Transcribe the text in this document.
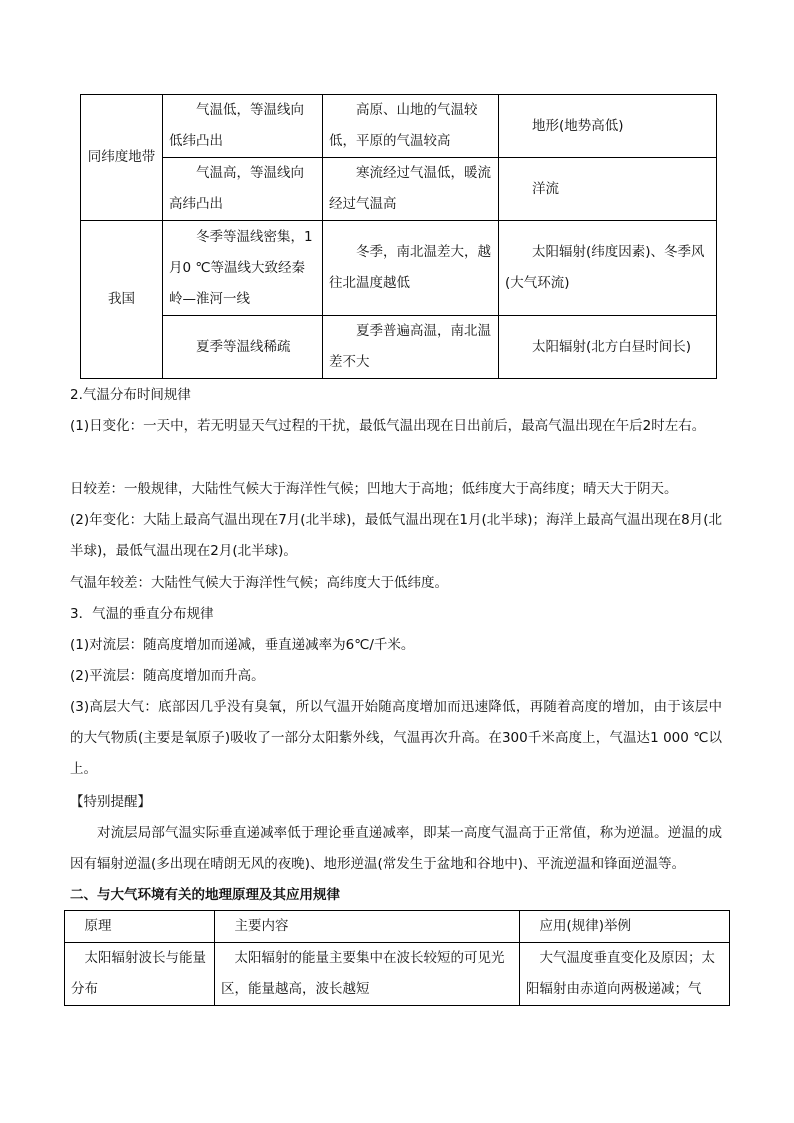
同纬度地带	气温低，等温线向低纬凸出	高原、山地的气温较低，平原的气温较高	地形(地势高低)
	气温高，等温线向高纬凸出	寒流经过气温低，暖流经过气温高	洋流
我国	冬季等温线密集，1月0 ℃等温线大致经秦岭—淮河一线	冬季，南北温差大，越往北温度越低	太阳辐射(纬度因素)、冬季风(大气环流)
	夏季等温线稀疏	夏季普遍高温，南北温差不大	太阳辐射(北方白昼时间长)

2.气温分布时间规律

(1)日变化：一天中，若无明显天气过程的干扰，最低气温出现在日出前后，最高气温出现在午后2时左右。

日较差：一般规律，大陆性气候大于海洋性气候；凹地大于高地；低纬度大于高纬度；晴天大于阴天。

(2)年变化：大陆上最高气温出现在7月(北半球)，最低气温出现在1月(北半球)；海洋上最高气温出现在8月(北半球)，最低气温出现在2月(北半球)。

气温年较差：大陆性气候大于海洋性气候；高纬度大于低纬度。

3．气温的垂直分布规律

(1)对流层：随高度增加而递减，垂直递减率为6℃/千米。

(2)平流层：随高度增加而升高。

(3)高层大气：底部因几乎没有臭氧，所以气温开始随高度增加而迅速降低，再随着高度的增加，由于该层中的大气物质(主要是氧原子)吸收了一部分太阳紫外线，气温再次升高。在300千米高度上，气温达1 000 ℃以上。

【特别提醒】

对流层局部气温实际垂直递减率低于理论垂直递减率，即某一高度气温高于正常值，称为逆温。逆温的成因有辐射逆温(多出现在晴朗无风的夜晚)、地形逆温(常发生于盆地和谷地中)、平流逆温和锋面逆温等。

二、与大气环境有关的地理原理及其应用规律

原理	主要内容	应用(规律)举例
太阳辐射波长与能量分布	太阳辐射的能量主要集中在波长较短的可见光区，能量越高，波长越短	大气温度垂直变化及原因；太阳辐射由赤道向两极递减；气
